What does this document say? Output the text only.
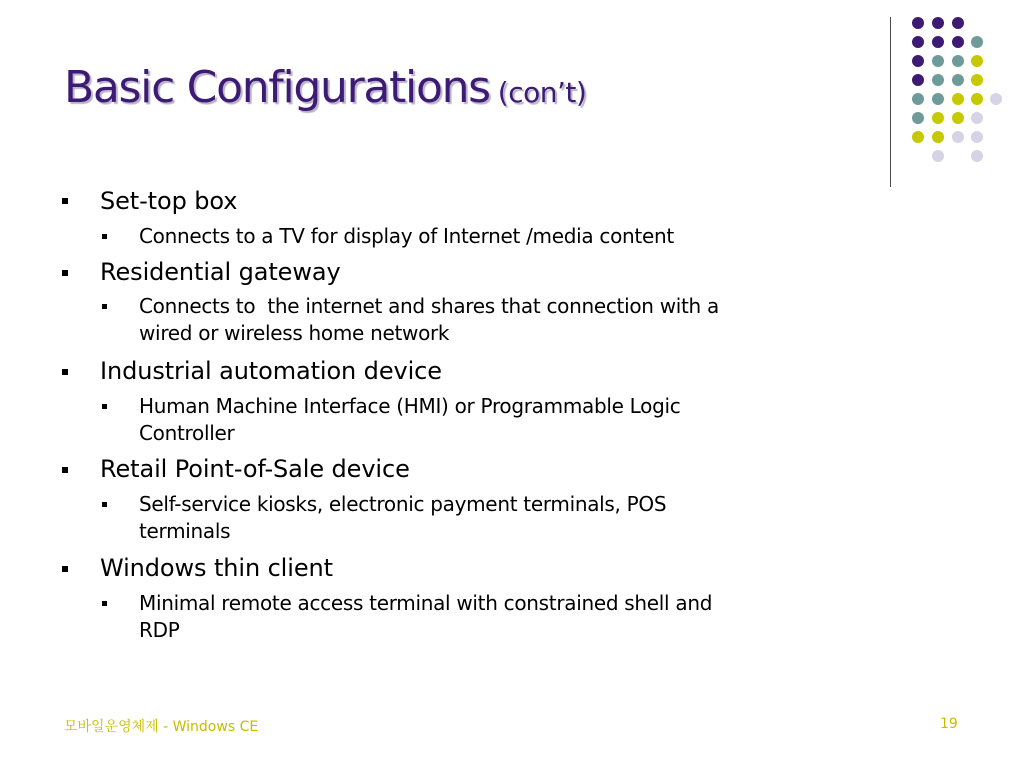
Basic Configurations (con’t)
Set-top box
Connects to a TV for display of Internet /media content
Residential gateway
Connects to  the internet and shares that connection with a
wired or wireless home network
Industrial automation device
Human Machine Interface (HMI) or Programmable Logic
Controller
Retail Point-of-Sale device
Self-service kiosks, electronic payment terminals, POS
terminals
Windows thin client
Minimal remote access terminal with constrained shell and
RDP
모바일운영체제 - Windows CE	19
